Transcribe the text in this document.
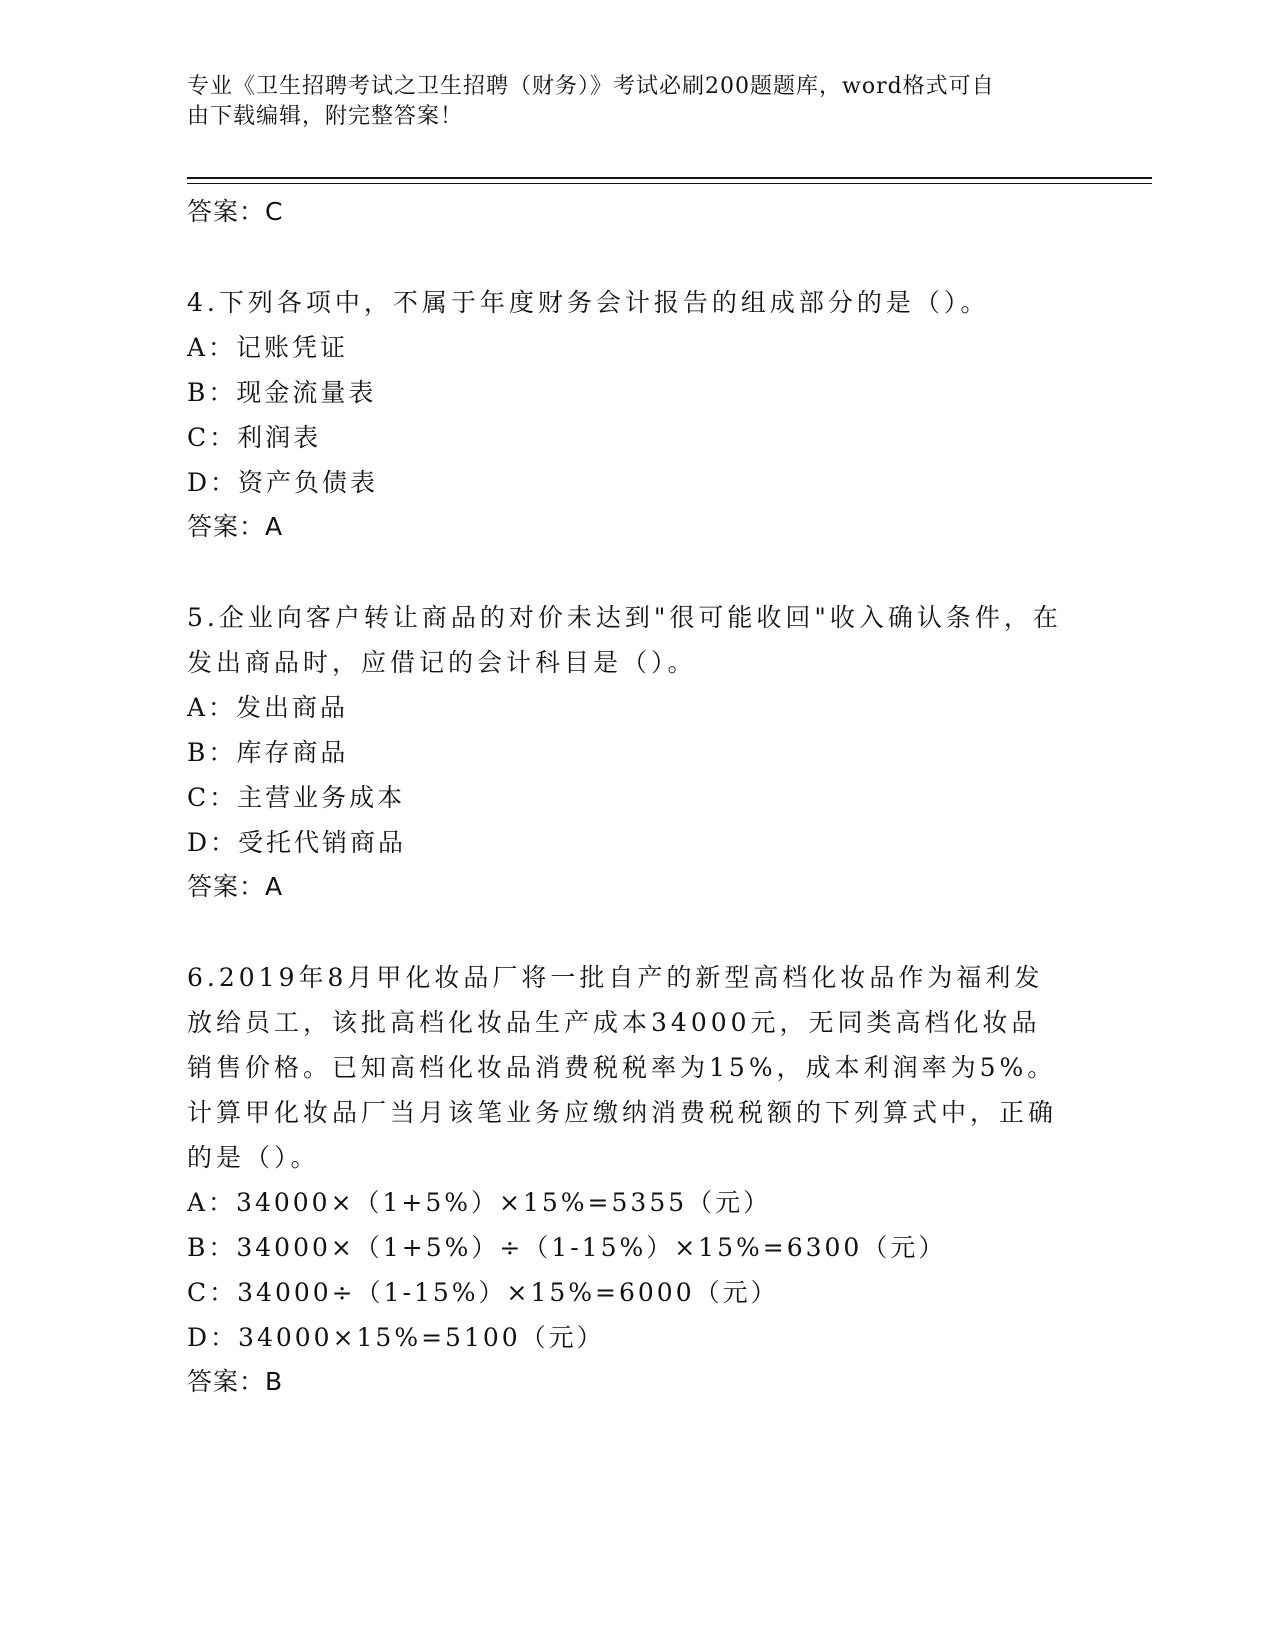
专业《卫生招聘考试之卫生招聘（财务）》考试必刷200题题库，word格式可自
由下载编辑，附完整答案！
答案：C
4.下列各项中，不属于年度财务会计报告的组成部分的是（）。
A：记账凭证
B：现金流量表
C：利润表
D：资产负债表
答案：A
5.企业向客户转让商品的对价未达到"很可能收回"收入确认条件，在发出商品时，应借记的会计科目是（）。
A：发出商品
B：库存商品
C：主营业务成本
D：受托代销商品
答案：A
6.2019年8月甲化妆品厂将一批自产的新型高档化妆品作为福利发放给员工，该批高档化妆品生产成本34000元，无同类高档化妆品销售价格。已知高档化妆品消费税税率为15%，成本利润率为5%。计算甲化妆品厂当月该笔业务应缴纳消费税税额的下列算式中，正确的是（）。
A：34000×（1+5%）×15%=5355（元）
B：34000×（1+5%）÷（1-15%）×15%=6300（元）
C：34000÷（1-15%）×15%=6000（元）
D：34000×15%=5100（元）
答案：B
